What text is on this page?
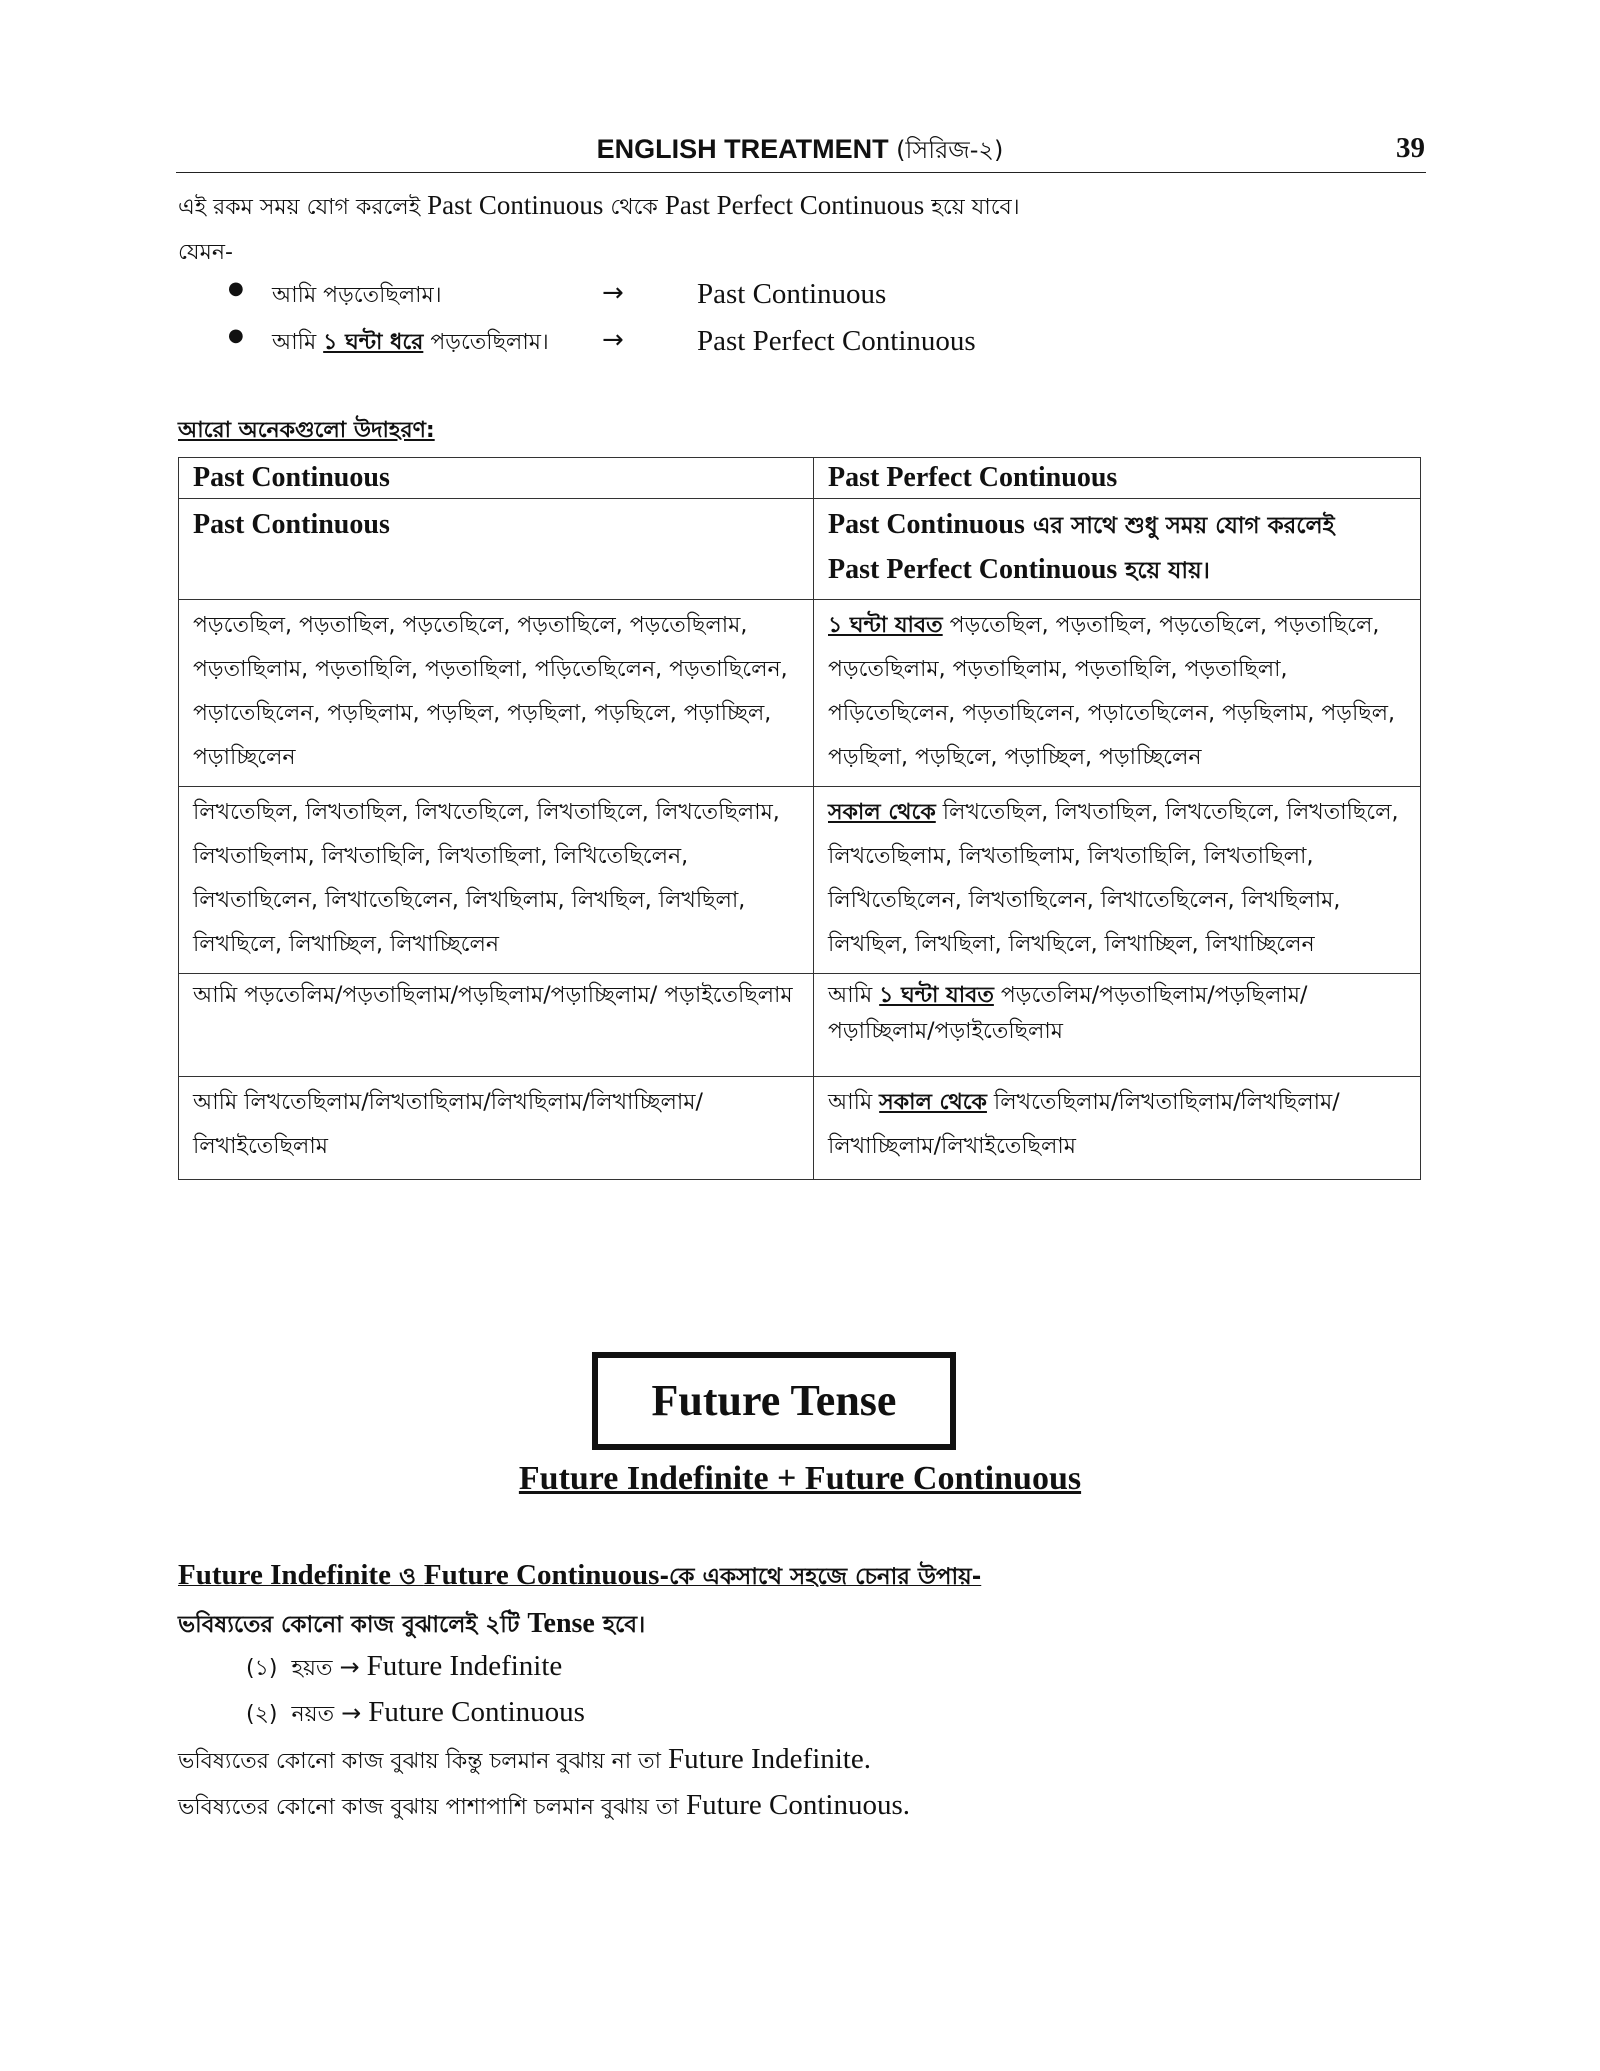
ENGLISH TREATMENT (সিরিজ-২)	39
এই রকম সময় যোগ করলেই Past Continuous থেকে Past Perfect Continuous হয়ে যাবে।
যেমন-
● আমি পড়তেছিলাম।	→	Past Continuous
● আমি ১ ঘন্টা ধরে পড়তেছিলাম। →	Past Perfect Continuous
আরো অনেকগুলো উদাহরণ:
Past Continuous	Past Perfect Continuous
Past Continuous	Past Continuous এর সাথে শুধু সময় যোগ করলেই
Past Perfect Continuous হয়ে যায়।
পড়তেছিল, পড়তাছিল, পড়তেছিলে, পড়তাছিলে, পড়তেছিলাম, পড়তাছিলাম, পড়তাছিলি, পড়তাছিলা, পড়িতেছিলেন, পড়তাছিলেন, পড়াতেছিলেন, পড়ছিলাম, পড়ছিল, পড়ছিলা, পড়ছিলে, পড়াচ্ছিল, পড়াচ্ছিলেন	১ ঘন্টা যাবত পড়তেছিল, পড়তাছিল, পড়তেছিলে, পড়তাছিলে, পড়তেছিলাম, পড়তাছিলাম, পড়তাছিলি, পড়তাছিলা, পড়িতেছিলেন, পড়তাছিলেন, পড়াতেছিলেন, পড়ছিলাম, পড়ছিল, পড়ছিলা, পড়ছিলে, পড়াচ্ছিল, পড়াচ্ছিলেন
লিখতেছিল, লিখতাছিল, লিখতেছিলে, লিখতাছিলে, লিখতেছিলাম, লিখতাছিলাম, লিখতাছিলি, লিখতাছিলা, লিখিতেছিলেন, লিখতাছিলেন, লিখাতেছিলেন, লিখছিলাম, লিখছিল, লিখছিলা, লিখছিলে, লিখাচ্ছিল, লিখাচ্ছিলেন	সকাল থেকে লিখতেছিল, লিখতাছিল, লিখতেছিলে, লিখতাছিলে, লিখতেছিলাম, লিখতাছিলাম, লিখতাছিলি, লিখতাছিলা, লিখিতেছিলেন, লিখতাছিলেন, লিখাতেছিলেন, লিখছিলাম, লিখছিল, লিখছিলা, লিখছিলে, লিখাচ্ছিল, লিখাচ্ছিলেন
আমি পড়তেলিম/পড়তাছিলাম/পড়ছিলাম/পড়াচ্ছিলাম/ পড়াইতেছিলাম	আমি ১ ঘন্টা যাবত পড়তেলিম/পড়তাছিলাম/পড়ছিলাম/ পড়াচ্ছিলাম/পড়াইতেছিলাম
আমি লিখতেছিলাম/লিখতাছিলাম/লিখছিলাম/লিখাচ্ছিলাম/ লিখাইতেছিলাম	আমি সকাল থেকে লিখতেছিলাম/লিখতাছিলাম/লিখছিলাম/ লিখাচ্ছিলাম/লিখাইতেছিলাম
Future Tense
Future Indefinite + Future Continuous
Future Indefinite ও Future Continuous-কে একসাথে সহজে চেনার উপায়-
ভবিষ্যতের কোনো কাজ বুঝালেই ২টি Tense হবে।
(১) হয়ত → Future Indefinite
(২) নয়ত → Future Continuous
ভবিষ্যতের কোনো কাজ বুঝায় কিন্তু চলমান বুঝায় না তা Future Indefinite.
ভবিষ্যতের কোনো কাজ বুঝায় পাশাপাশি চলমান বুঝায় তা Future Continuous.
